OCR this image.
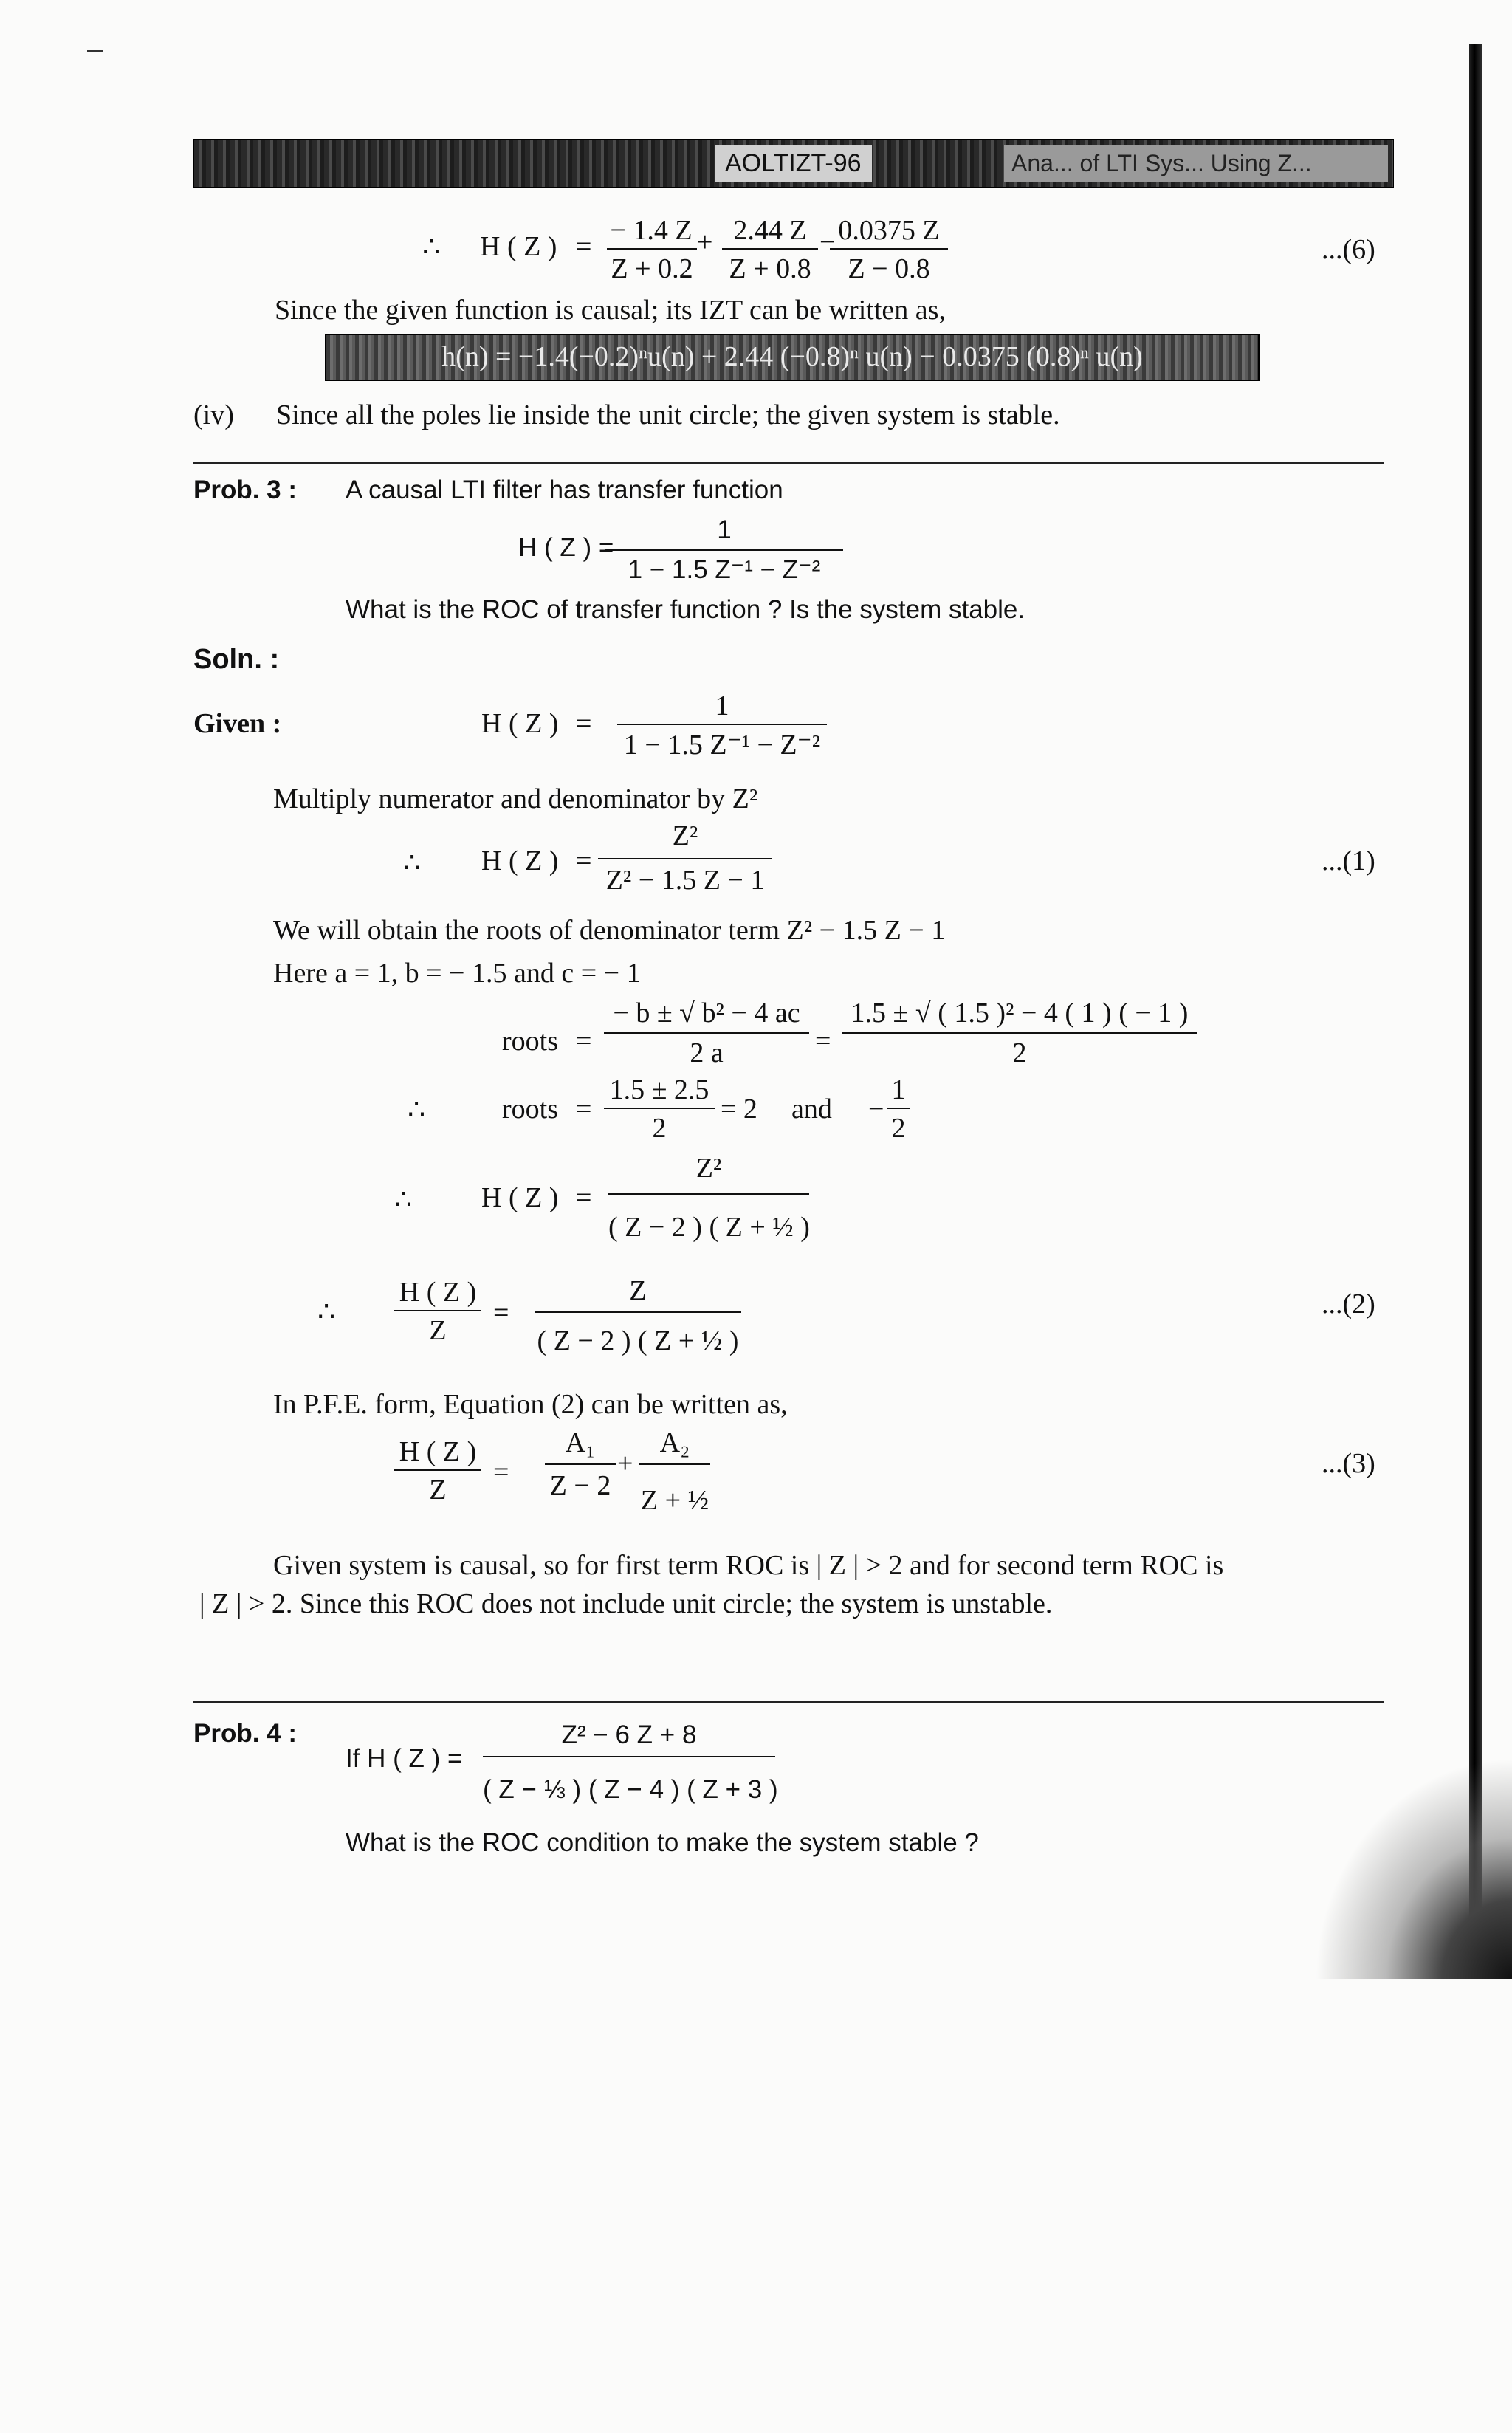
AOLTIZT-96	Ana... of LTI Sys... Using Z...
∴ H ( Z ) =
− 1.4 Z
Z + 0.2
+ 2.44 Z
Z + 0.8
− 0.0375 Z
Z − 0.8
...(6)
Since the given function is causal; its IZT can be written as,
h(n) = −1.4(−0.2)ⁿu(n) + 2.44 (−0.8)ⁿ u(n) − 0.0375 (0.8)ⁿ u(n)
(iv) Since all the poles lie inside the unit circle; the given system is stable.
Prob. 3 : A causal LTI filter has transfer function
H ( Z ) =
1
1 − 1.5 Z⁻¹ − Z⁻²
What is the ROC of transfer function ? Is the system stable.
Soln. :
Given :	H ( Z ) =
1
1 − 1.5 Z⁻¹ − Z⁻²
Multiply numerator and denominator by Z²
∴ H ( Z ) =
Z²
Z² − 1.5 Z − 1
...(1)
We will obtain the roots of denominator term Z² − 1.5 Z − 1
Here a = 1, b = − 1.5 and c = − 1
roots =
− b ± √ b² − 4 ac
2 a	=
1.5 ± √ ( 1.5 )² − 4 ( 1 ) ( − 1 )
2
∴	roots =
1.5 ± 2.5
2
= 2 and −
1
2
∴ H ( Z ) =
Z²
( Z − 2 ) ( Z + ½ )
∴
H ( Z )
Z
=
Z
( Z − 2 ) ( Z + ½ )
...(2)
In P.F.E. form, Equation (2) can be written as,
H ( Z )
Z
=
A₁
Z − 2
+
A₂
Z + ½
...(3)
Given system is causal, so for first term ROC is | Z | > 2 and for second term ROC is
| Z | > 2. Since this ROC does not include unit circle; the system is unstable.
Prob. 4 :
If H ( Z ) =
Z² − 6 Z + 8
( Z − ⅓ ) ( Z − 4 ) ( Z + 3 )
What is the ROC condition to make the system stable ?
